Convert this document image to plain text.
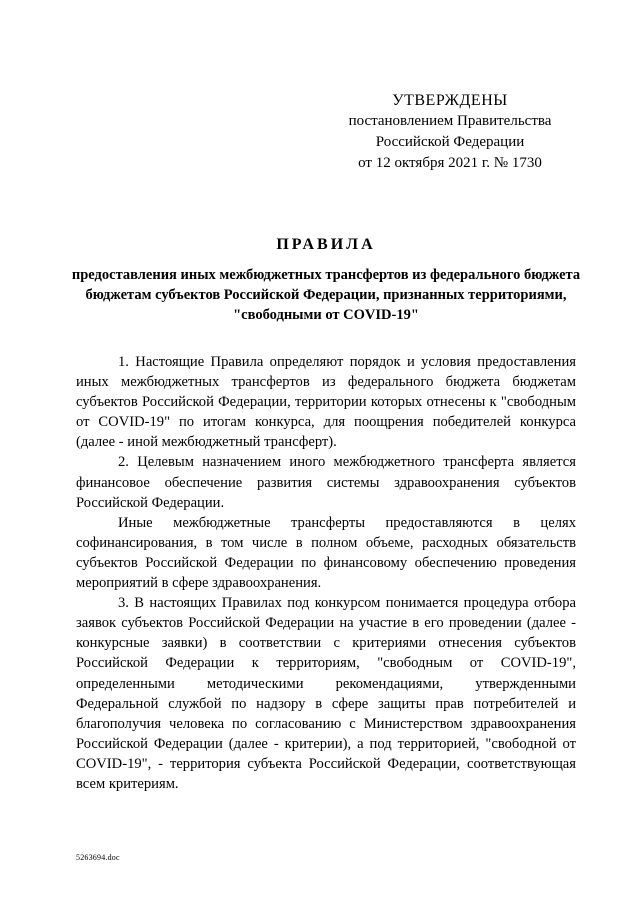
УТВЕРЖДЕНЫ
постановлением Правительства
Российской Федерации
от 12 октября 2021 г. № 1730
ПРАВИЛА
предоставления иных межбюджетных трансфертов из федерального бюджета бюджетам субъектов Российской Федерации, признанных территориями, "свободными от COVID-19"

1. Настоящие Правила определяют порядок и условия предоставления иных межбюджетных трансфертов из федерального бюджета бюджетам субъектов Российской Федерации, территории которых отнесены к "свободным от COVID-19" по итогам конкурса, для поощрения победителей конкурса (далее - иной межбюджетный трансферт).

2. Целевым назначением иного межбюджетного трансферта является финансовое обеспечение развития системы здравоохранения субъектов Российской Федерации.

Иные межбюджетные трансферты предоставляются в целях софинансирования, в том числе в полном объеме, расходных обязательств субъектов Российской Федерации по финансовому обеспечению проведения мероприятий в сфере здравоохранения.

3. В настоящих Правилах под конкурсом понимается процедура отбора заявок субъектов Российской Федерации на участие в его проведении (далее - конкурсные заявки) в соответствии с критериями отнесения субъектов Российской Федерации к территориям, "свободным от COVID-19", определенными методическими рекомендациями, утвержденными Федеральной службой по надзору в сфере защиты прав потребителей и благополучия человека по согласованию с Министерством здравоохранения Российской Федерации (далее - критерии), а под территорией, "свободной от COVID-19", - территория субъекта Российской Федерации, соответствующая всем критериям.

5263694.doc
